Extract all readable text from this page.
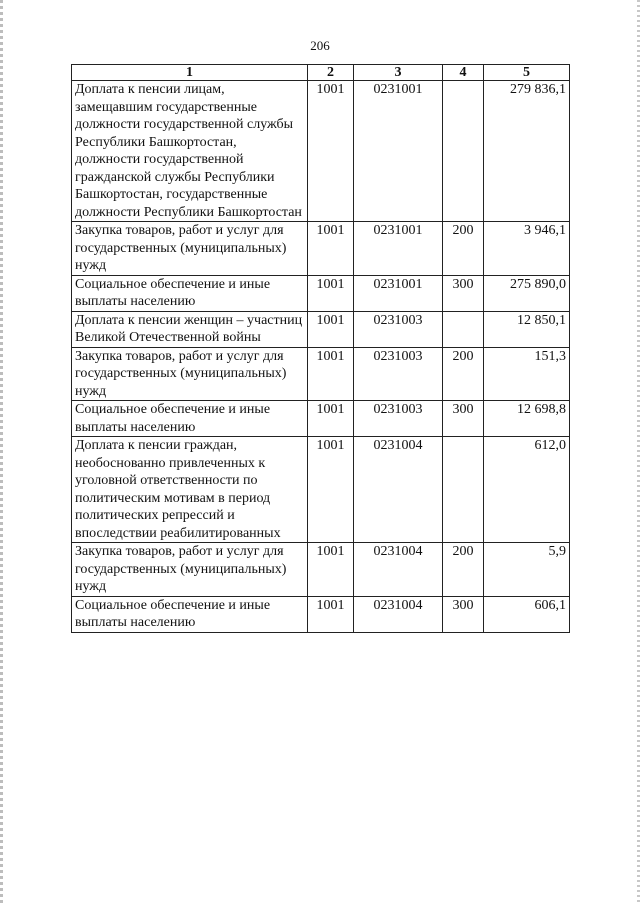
206
1	2	3	4	5
Доплата к пенсии лицам, замещавшим государственные должности государственной службы Республики Башкортостан, должности государственной гражданской службы Республики Башкортостан, государственные должности Республики Башкортостан	1001	0231001		279 836,1
Закупка товаров, работ и услуг для государственных (муниципальных) нужд	1001	0231001	200	3 946,1
Социальное обеспечение и иные выплаты населению	1001	0231001	300	275 890,0
Доплата к пенсии женщин – участниц Великой Отечественной войны	1001	0231003		12 850,1
Закупка товаров, работ и услуг для государственных (муниципальных) нужд	1001	0231003	200	151,3
Социальное обеспечение и иные выплаты населению	1001	0231003	300	12 698,8
Доплата к пенсии граждан, необоснованно привлеченных к уголовной ответственности по политическим мотивам в период политических репрессий и впоследствии реабилитированных	1001	0231004		612,0
Закупка товаров, работ и услуг для государственных (муниципальных) нужд	1001	0231004	200	5,9
Социальное обеспечение и иные выплаты населению	1001	0231004	300	606,1
